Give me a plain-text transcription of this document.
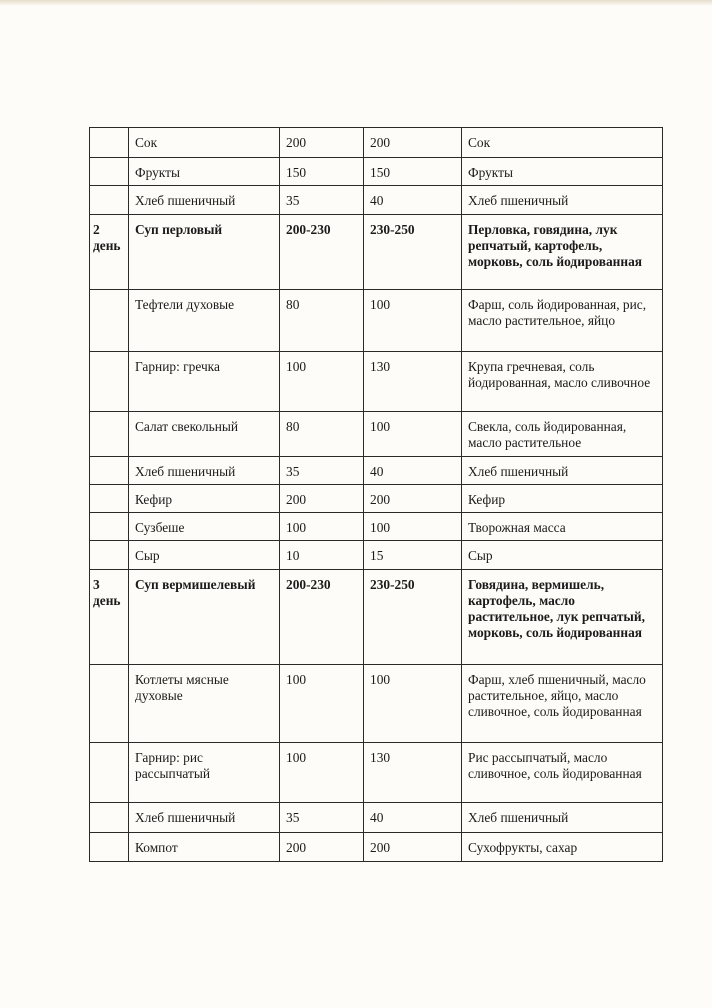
	Сок	200	200	Сок
	Фрукты	150	150	Фрукты
	Хлеб пшеничный	35	40	Хлеб пшеничный
2 день	Суп перловый	200-230	230-250	Перловка, говядина, лук репчатый, картофель, морковь, соль йодированная
	Тефтели духовые	80	100	Фарш, соль йодированная, рис, масло растительное, яйцо
	Гарнир: гречка	100	130	Крупа гречневая, соль йодированная, масло сливочное
	Салат свекольный	80	100	Свекла, соль йодированная, масло растительное
	Хлеб пшеничный	35	40	Хлеб пшеничный
	Кефир	200	200	Кефир
	Сузбеше	100	100	Творожная масса
	Сыр	10	15	Сыр
3 день	Суп вермишелевый	200-230	230-250	Говядина, вермишель, картофель, масло растительное, лук репчатый, морковь, соль йодированная
	Котлеты мясные духовые	100	100	Фарш, хлеб пшеничный, масло растительное, яйцо, масло сливочное, соль йодированная
	Гарнир: рис рассыпчатый	100	130	Рис рассыпчатый, масло сливочное, соль йодированная
	Хлеб пшеничный	35	40	Хлеб пшеничный
	Компот	200	200	Сухофрукты, сахар
